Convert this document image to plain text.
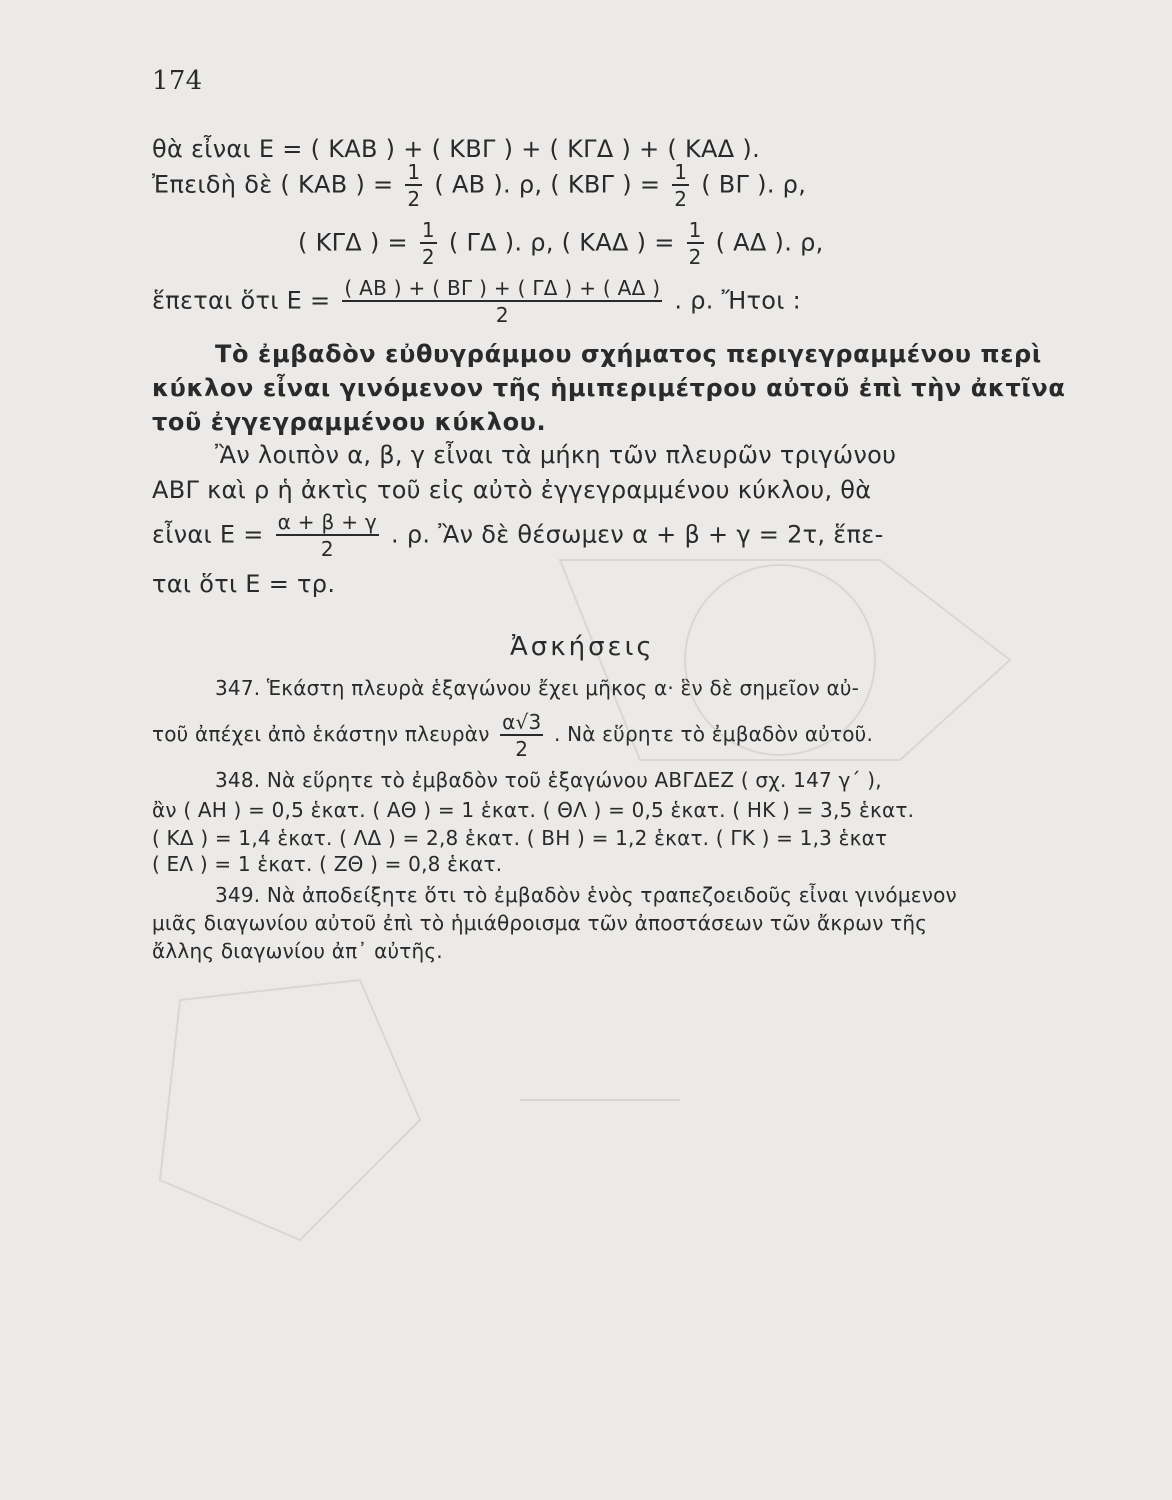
174
θὰ εἶναι Ε = ( ΚΑΒ ) + ( ΚΒΓ ) + ( ΚΓΔ ) + ( ΚΑΔ ).
Ἐπειδὴ δὲ ( ΚΑΒ ) = $\frac{1}{2}$ ( ΑΒ ). ρ, ( ΚΒΓ ) = $\frac{1}{2}$ ( ΒΓ ). ρ,
( ΚΓΔ ) = $\frac{1}{2}$ ( ΓΔ ). ρ, ( ΚΑΔ ) = $\frac{1}{2}$ ( ΑΔ ). ρ,
ἕπεται ὅτι $E = \frac{( AB ) + ( B\Gamma ) + ( \Gamma\Delta ) + ( A\Delta )}{2}$ . ρ. Ἤτοι :
Τὸ ἐμβαδὸν εὐθυγράμμου σχήματος περιγεγραμμένου περὶ
κύκλον εἶναι γινόμενον τῆς ἡμιπεριμέτρου αὐτοῦ ἐπὶ τὴν ἀκτῖνα
τοῦ ἐγγεγραμμένου κύκλου.
Ἂν λοιπὸν α, β, γ εἶναι τὰ μήκη τῶν πλευρῶν τριγώνου
ΑΒΓ καὶ ρ ἡ ἀκτὶς τοῦ εἰς αὐτὸ ἐγγεγραμμένου κύκλου, θὰ
εἶναι $E = \frac{\alpha + \beta + \gamma}{2}$ . ρ. Ἂν δὲ θέσωμεν α + β + γ = 2τ, ἕπε-
ται ὅτι Ε = τρ.
Ἀσκήσεις
347. Ἑκάστη πλευρὰ ἑξαγώνου ἔχει μῆκος α· ἓν δὲ σημεῖον αὐ-
τοῦ ἀπέχει ἀπὸ ἑκάστην πλευρὰν $\frac{\alpha√3}{2}$ . Νὰ εὕρητε τὸ ἐμβαδὸν αὐτοῦ.
348. Νὰ εὕρητε τὸ ἐμβαδὸν τοῦ ἑξαγώνου ΑΒΓΔΕΖ ( σχ. 147 γ΄ ),
ἂν ( ΑΗ ) = 0,5 ἑκατ. ( ΑΘ ) = 1 ἑκατ. ( ΘΛ ) = 0,5 ἑκατ. ( ΗΚ ) = 3,5 ἑκατ.
( ΚΔ ) = 1,4 ἑκατ. ( ΛΔ ) = 2,8 ἑκατ. ( ΒΗ ) = 1,2 ἑκατ. ( ΓΚ ) = 1,3 ἑκατ
( ΕΛ ) = 1 ἑκατ. ( ΖΘ ) = 0,8 ἑκατ.
349. Νὰ ἀποδείξητε ὅτι τὸ ἐμβαδὸν ἑνὸς τραπεζοειδοῦς εἶναι γινόμενον
μιᾶς διαγωνίου αὐτοῦ ἐπὶ τὸ ἡμιάθροισμα τῶν ἀποστάσεων τῶν ἄκρων τῆς
ἄλλης διαγωνίου ἀπ᾿ αὐτῆς.
